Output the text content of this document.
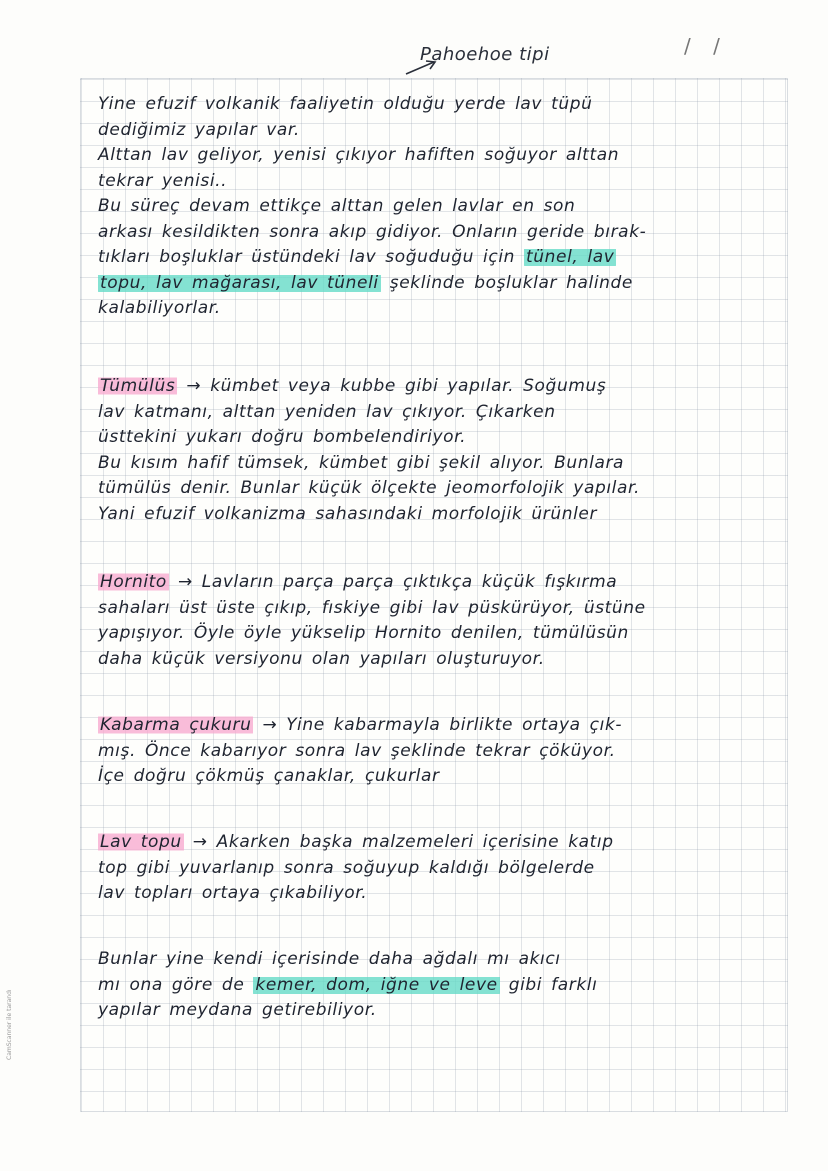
Pahoehoe tipi	/ /
Yine efuzif volkanik faaliyetin olduğu yerde lav tüpü
dediğimiz yapılar var.
Alttan lav geliyor, yenisi çıkıyor hafiften soğuyor alttan
tekrar yenisi..
Bu süreç devam ettikçe alttan gelen lavlar en son
arkası kesildikten sonra akıp gidiyor. Onların geride bırak-
tıkları boşluklar üstündeki lav soğuduğu için tünel, lav
topu, lav mağarası, lav tüneli şeklinde boşluklar halinde
kalabiliyorlar.
Tümülüs → kümbet veya kubbe gibi yapılar. Soğumuş
lav katmanı, alttan yeniden lav çıkıyor. Çıkarken
üsttekini yukarı doğru bombelendiriyor.
Bu kısım hafif tümsek, kümbet gibi şekil alıyor. Bunlara
tümülüs denir. Bunlar küçük ölçekte jeomorfolojik yapılar.
Yani efuzif volkanizma sahasındaki morfolojik ürünler
Hornito → Lavların parça parça çıktıkça küçük fışkırma
sahaları üst üste çıkıp, fıskiye gibi lav püskürüyor, üstüne
yapışıyor. Öyle öyle yükselip Hornito denilen, tümülüsün
daha küçük versiyonu olan yapıları oluşturuyor.
Kabarma çukuru → Yine kabarmayla birlikte ortaya çık-
mış. Önce kabarıyor sonra lav şeklinde tekrar çöküyor.
İçe doğru çökmüş çanaklar, çukurlar
Lav topu → Akarken başka malzemeleri içerisine katıp
top gibi yuvarlanıp sonra soğuyup kaldığı bölgelerde
lav topları ortaya çıkabiliyor.
Bunlar yine kendi içerisinde daha ağdalı mı akıcı
mı ona göre de kemer, dom, iğne ve leve gibi farklı
yapılar meydana getirebiliyor.
CamScanner ile tarandı
